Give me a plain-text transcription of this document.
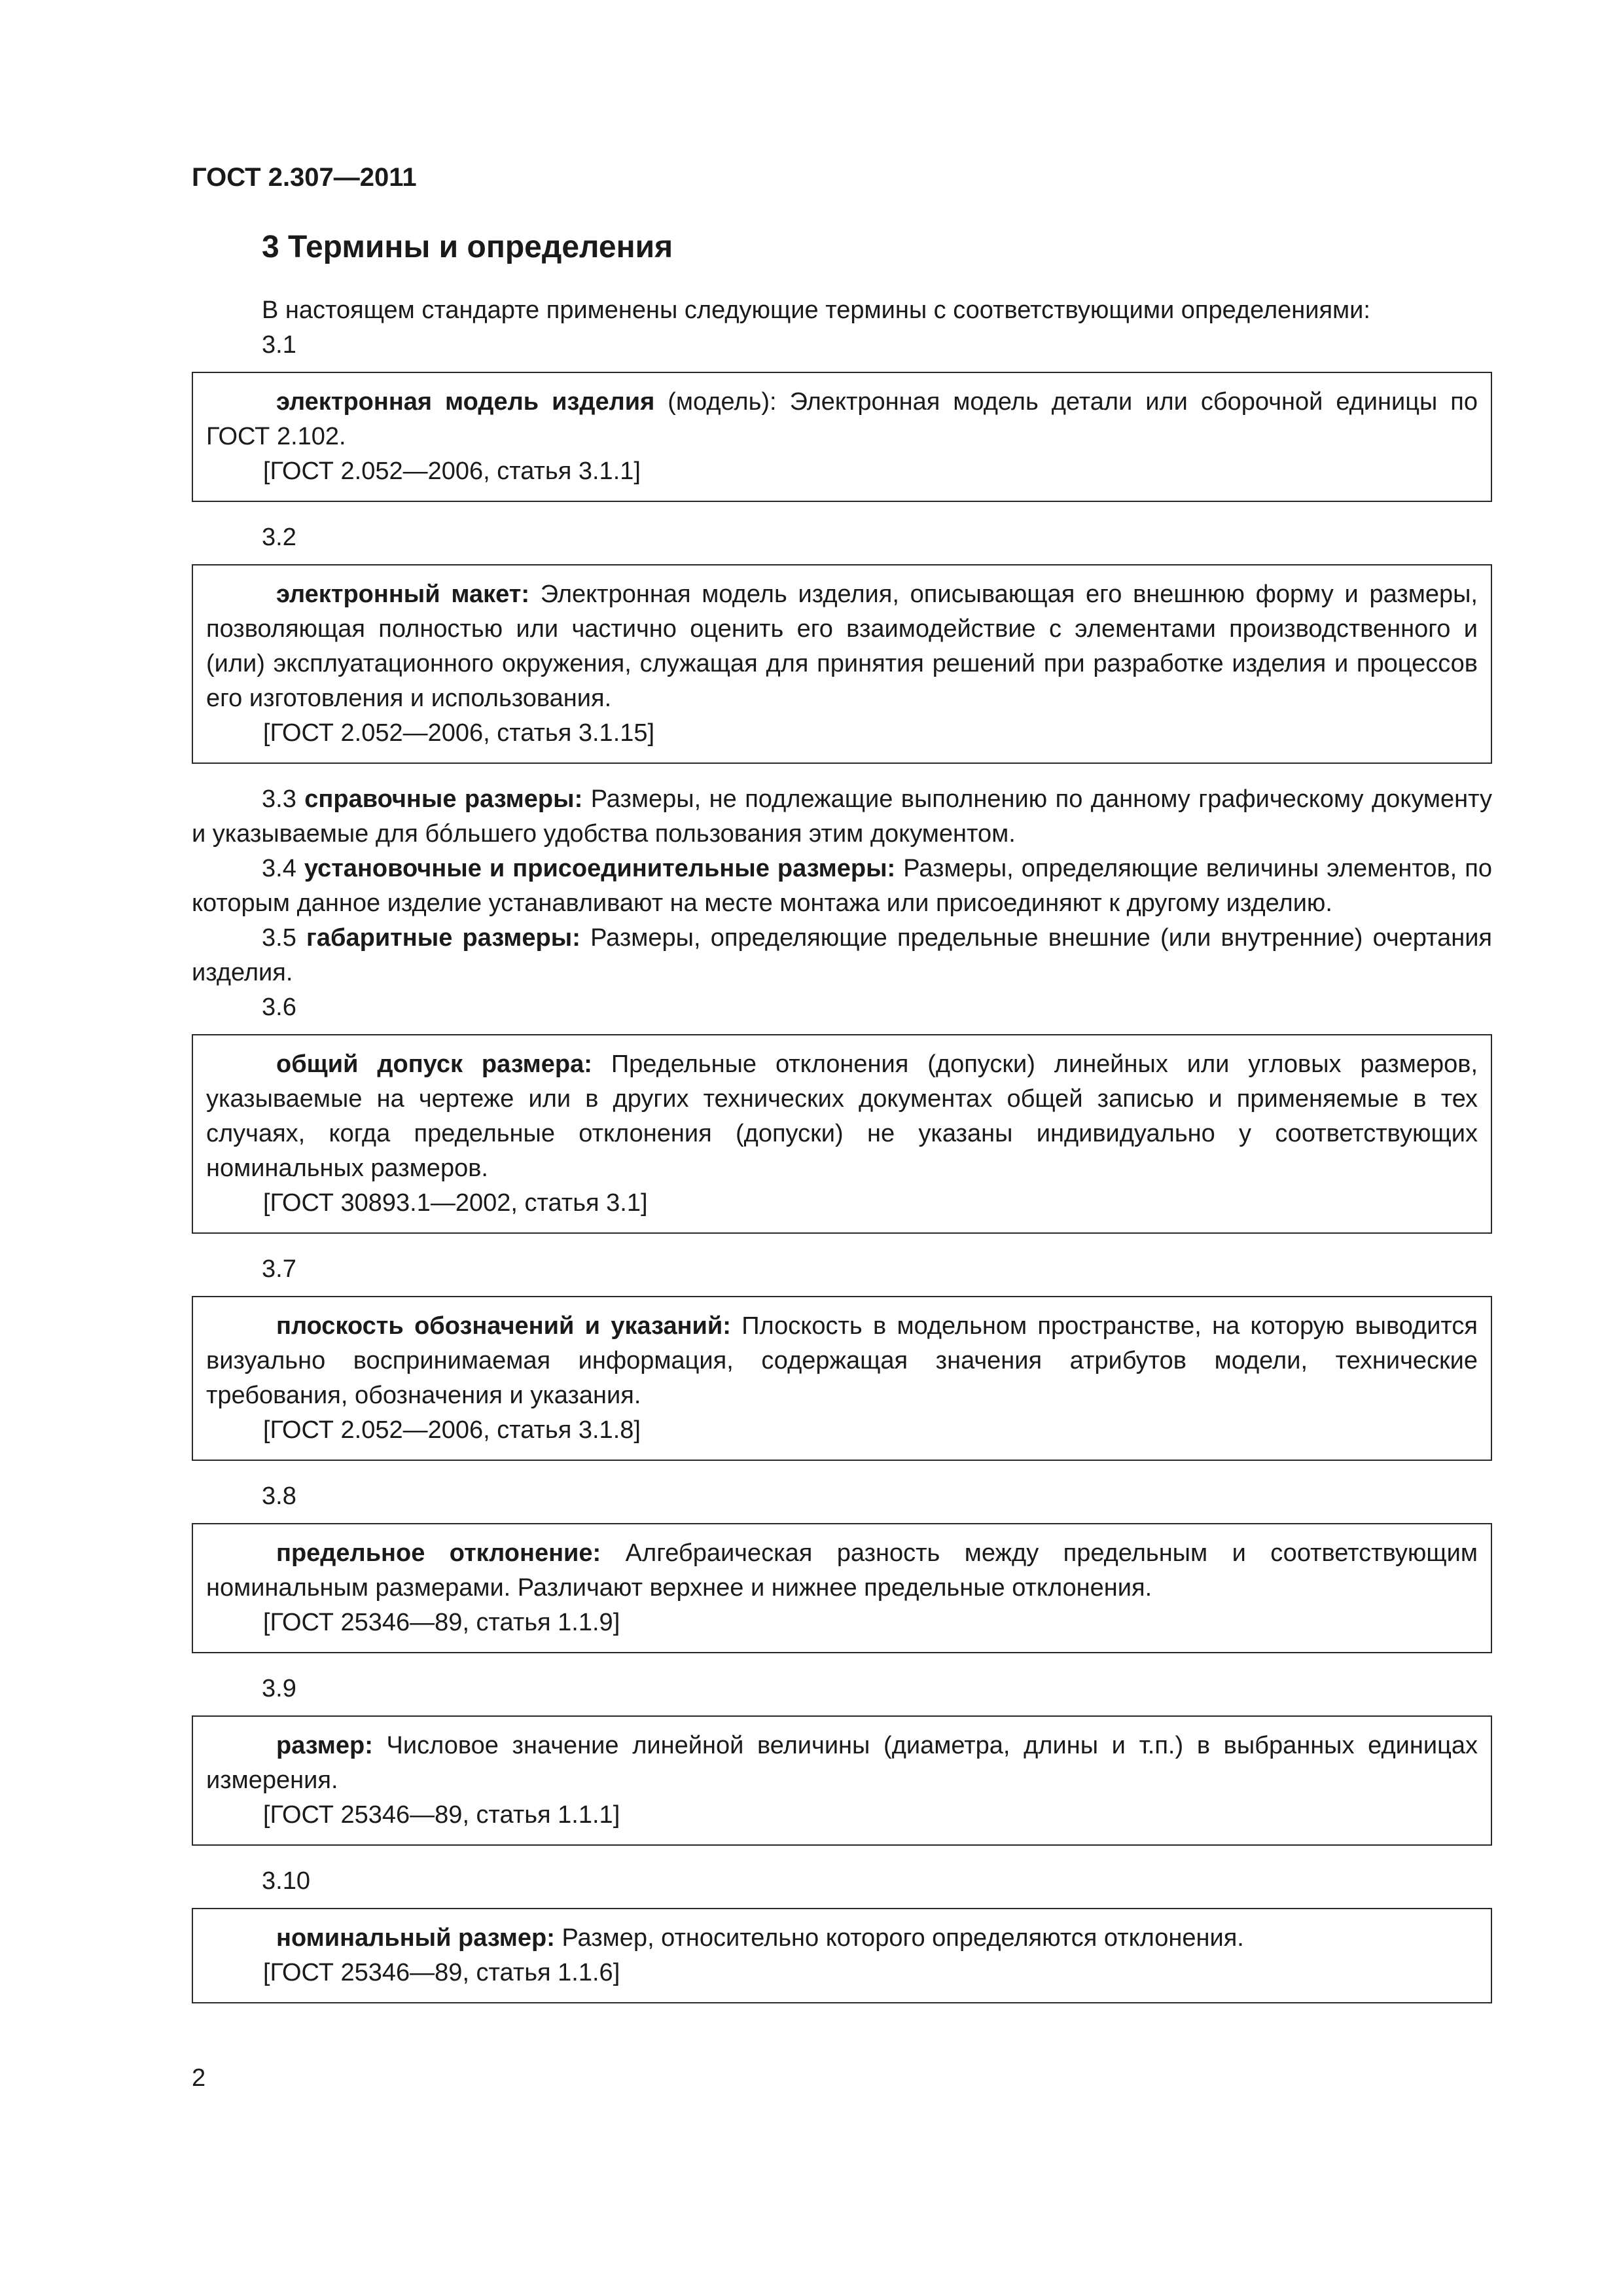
ГОСТ 2.307—2011

3 Термины и определения

В настоящем стандарте применены следующие термины с соответствующими определениями:

3.1

электронная модель изделия (модель): Электронная модель детали или сборочной единицы по ГОСТ 2.102.

[ГОСТ 2.052—2006, статья 3.1.1]

3.2

электронный макет: Электронная модель изделия, описывающая его внешнюю форму и размеры, позволяющая полностью или частично оценить его взаимодействие с элементами производственного и (или) эксплуатационного окружения, служащая для принятия решений при разработке изделия и процессов его изготовления и использования.

[ГОСТ 2.052—2006, статья 3.1.15]

3.3 справочные размеры: Размеры, не подлежащие выполнению по данному графическому документу и указываемые для бóльшего удобства пользования этим документом.

3.4 установочные и присоединительные размеры: Размеры, определяющие величины элементов, по которым данное изделие устанавливают на месте монтажа или присоединяют к другому изделию.

3.5 габаритные размеры: Размеры, определяющие предельные внешние (или внутренние) очертания изделия.

3.6

общий допуск размера: Предельные отклонения (допуски) линейных или угловых размеров, указываемые на чертеже или в других технических документах общей записью и применяемые в тех случаях, когда предельные отклонения (допуски) не указаны индивидуально у соответствующих номинальных размеров.

[ГОСТ 30893.1—2002, статья 3.1]

3.7

плоскость обозначений и указаний: Плоскость в модельном пространстве, на которую выводится визуально воспринимаемая информация, содержащая значения атрибутов модели, технические требования, обозначения и указания.

[ГОСТ 2.052—2006, статья 3.1.8]

3.8

предельное отклонение: Алгебраическая разность между предельным и соответствующим номинальным размерами. Различают верхнее и нижнее предельные отклонения.

[ГОСТ 25346—89, статья 1.1.9]

3.9

размер: Числовое значение линейной величины (диаметра, длины и т.п.) в выбранных единицах измерения.

[ГОСТ 25346—89, статья 1.1.1]

3.10

номинальный размер: Размер, относительно которого определяются отклонения.

[ГОСТ 25346—89, статья 1.1.6]

2
